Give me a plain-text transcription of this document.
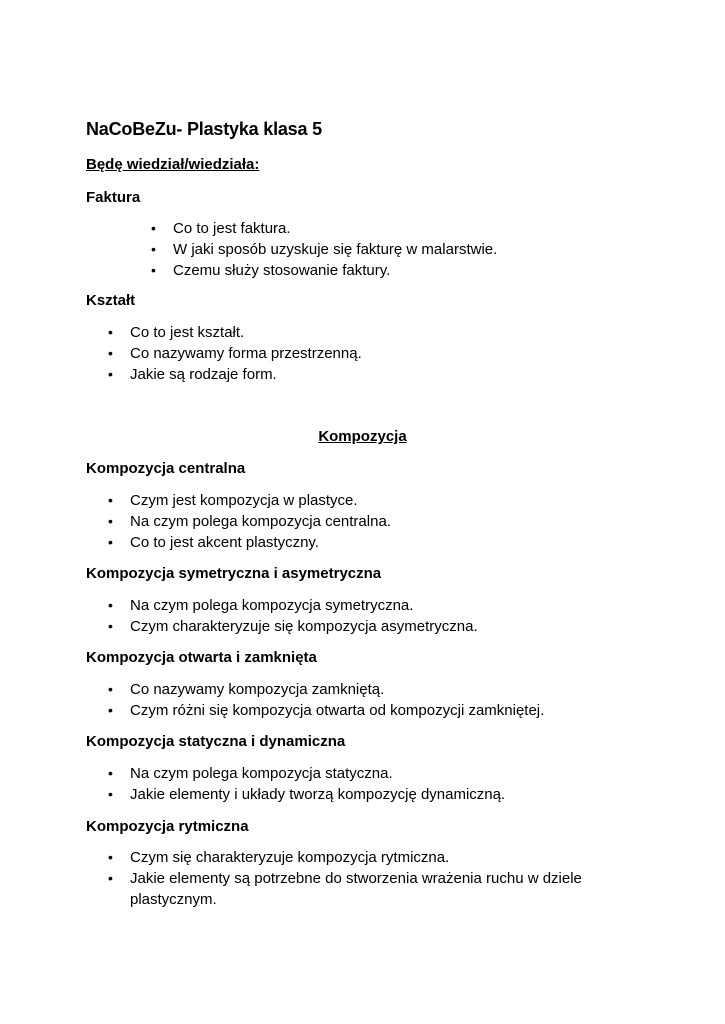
NaCoBeZu- Plastyka klasa 5
Będę wiedział/wiedziała:
Faktura
• Co to jest faktura.
• W jaki sposób uzyskuje się fakturę w malarstwie.
• Czemu służy stosowanie faktury.
Kształt
• Co to jest kształt.
• Co nazywamy forma przestrzenną.
• Jakie są rodzaje form.
Kompozycja
Kompozycja centralna
• Czym jest kompozycja w plastyce.
• Na czym polega kompozycja centralna.
• Co to jest akcent plastyczny.
Kompozycja symetryczna i asymetryczna
• Na czym polega kompozycja symetryczna.
• Czym charakteryzuje się kompozycja asymetryczna.
Kompozycja otwarta i zamknięta
• Co nazywamy kompozycja zamkniętą.
• Czym różni się kompozycja otwarta od kompozycji zamkniętej.
Kompozycja statyczna i dynamiczna
• Na czym polega kompozycja statyczna.
• Jakie elementy i układy tworzą kompozycję dynamiczną.
Kompozycja rytmiczna
• Czym się charakteryzuje kompozycja rytmiczna.
• Jakie elementy są potrzebne do stworzenia wrażenia ruchu w dziele plastycznym.
